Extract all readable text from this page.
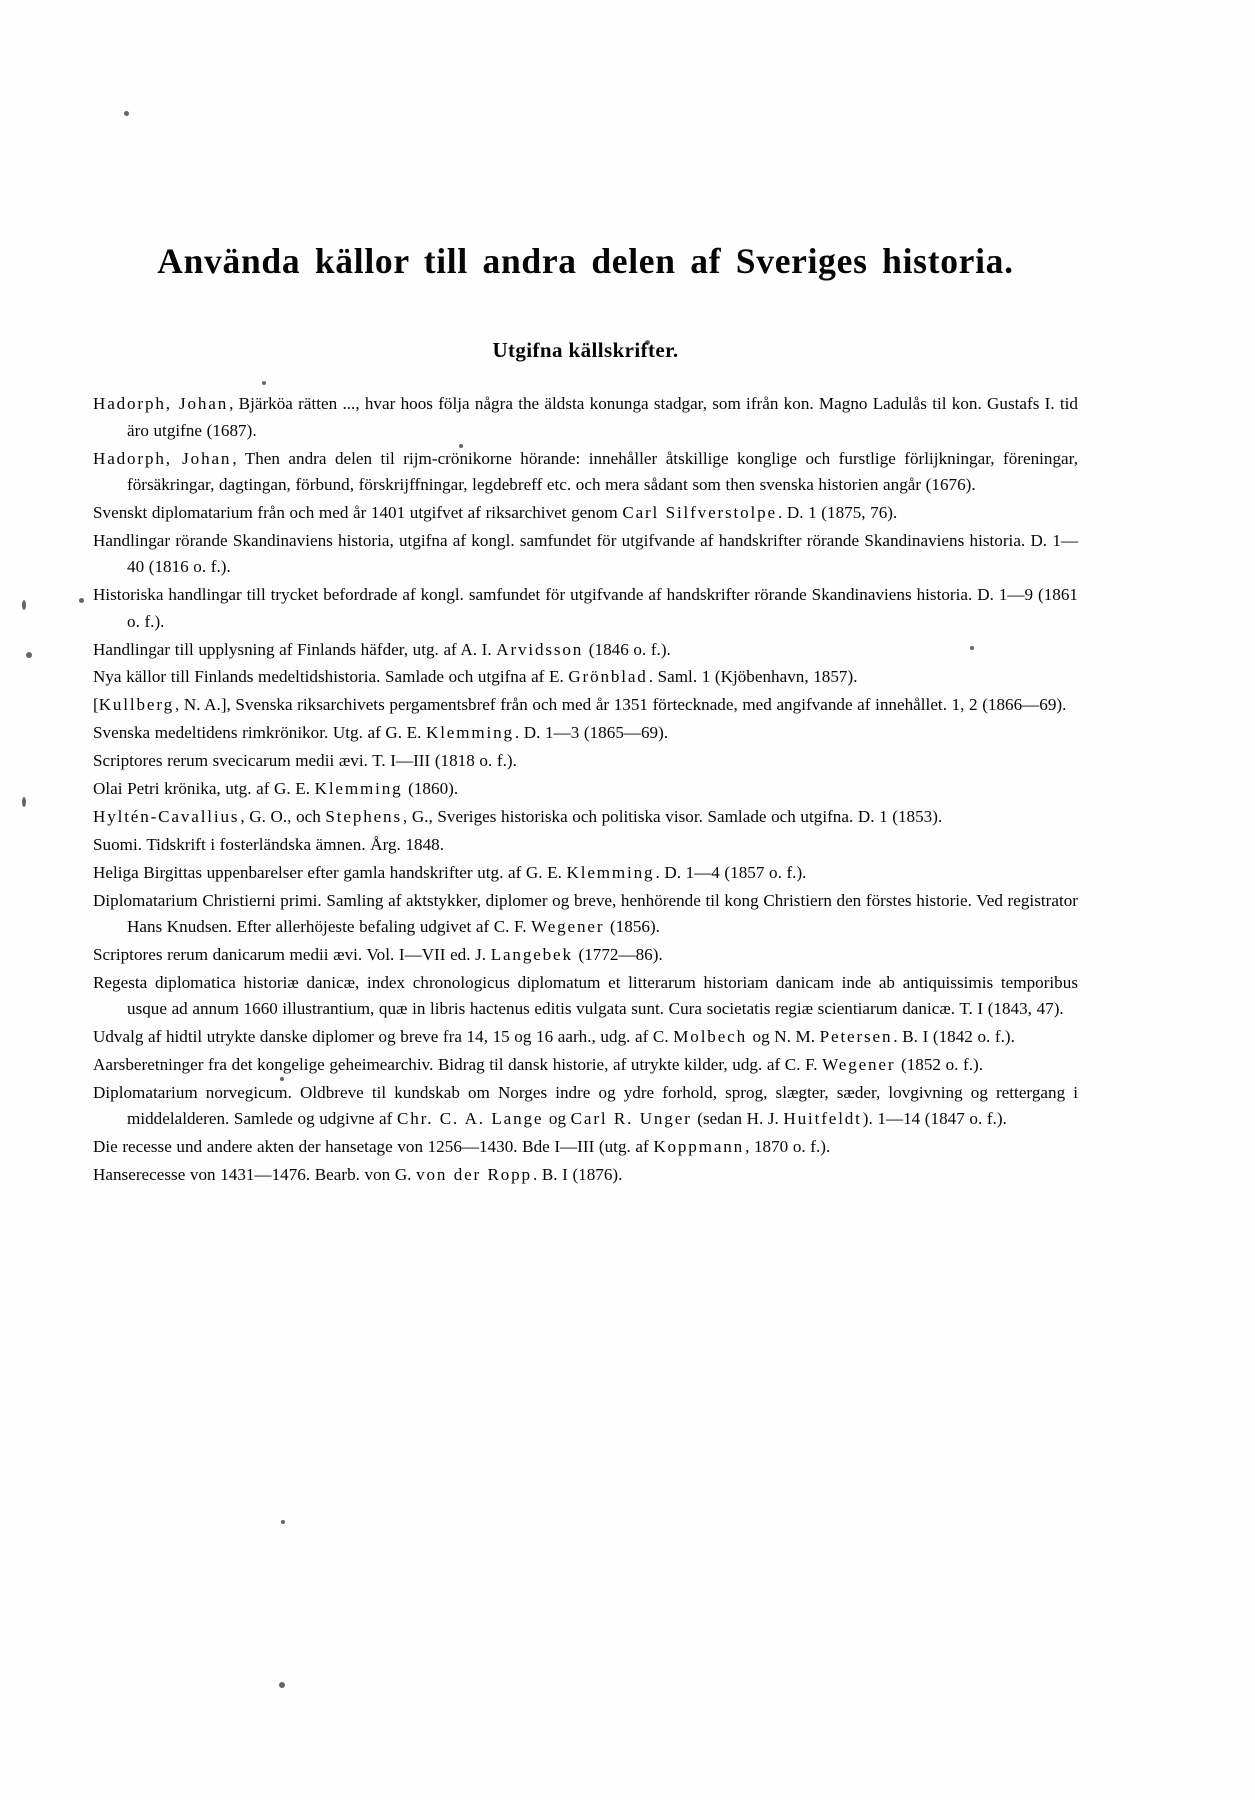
Använda källor till andra delen af Sveriges historia.
Utgifna källskrifter.
Hadorph, Johan, Bjärköa rätten ..., hvar hoos följa några the äldsta konunga stadgar, som ifrån kon. Magno Ladulås til kon. Gustafs I. tid äro utgifne (1687).
Hadorph, Johan, Then andra delen til rijm-crönikorne hörande: innehåller åtskillige konglige och furstlige förlijkningar, föreningar, försäkringar, dagtingan, förbund, förskrijffningar, legdebreff etc. och mera sådant som then svenska historien angår (1676).
Svenskt diplomatarium från och med år 1401 utgifvet af riksarchivet genom Carl Silfverstolpe. D. 1 (1875, 76).
Handlingar rörande Skandinaviens historia, utgifna af kongl. samfundet för utgifvande af handskrifter rörande Skandinaviens historia. D. 1—40 (1816 o. f.).
Historiska handlingar till trycket befordrade af kongl. samfundet för utgifvande af handskrifter rörande Skandinaviens historia. D. 1—9 (1861 o. f.).
Handlingar till upplysning af Finlands häfder, utg. af A. I. Arvidsson (1846 o. f.).
Nya källor till Finlands medeltidshistoria. Samlade och utgifna af E. Grönblad. Saml. 1 (Kjöbenhavn, 1857).
[Kullberg, N. A.], Svenska riksarchivets pergamentsbref från och med år 1351 förtecknade, med angifvande af innehållet. 1, 2 (1866—69).
Svenska medeltidens rimkrönikor. Utg. af G. E. Klemming. D. 1—3 (1865—69).
Scriptores rerum svecicarum medii ævi. T. I—III (1818 o. f.).
Olai Petri krönika, utg. af G. E. Klemming (1860).
Hyltén-Cavallius, G. O., och Stephens, G., Sveriges historiska och politiska visor. Samlade och utgifna. D. 1 (1853).
Suomi. Tidskrift i fosterländska ämnen. Årg. 1848.
Heliga Birgittas uppenbarelser efter gamla handskrifter utg. af G. E. Klemming. D. 1—4 (1857 o. f.).
Diplomatarium Christierni primi. Samling af aktstykker, diplomer og breve, henhörende til kong Christiern den förstes historie. Ved registrator Hans Knudsen. Efter allerhöjeste befaling udgivet af C. F. Wegener (1856).
Scriptores rerum danicarum medii ævi. Vol. I—VII ed. J. Langebek (1772—86).
Regesta diplomatica historiæ danicæ, index chronologicus diplomatum et litterarum historiam danicam inde ab antiquissimis temporibus usque ad annum 1660 illustrantium, quæ in libris hactenus editis vulgata sunt. Cura societatis regiæ scientiarum danicæ. T. I (1843, 47).
Udvalg af hidtil utrykte danske diplomer og breve fra 14, 15 og 16 aarh., udg. af C. Molbech og N. M. Petersen. B. I (1842 o. f.).
Aarsberetninger fra det kongelige geheimearchiv. Bidrag til dansk historie, af utrykte kilder, udg. af C. F. Wegener (1852 o. f.).
Diplomatarium norvegicum. Oldbreve til kundskab om Norges indre og ydre forhold, sprog, slægter, sæder, lovgivning og rettergang i middelalderen. Samlede og udgivne af Chr. C. A. Lange og Carl R. Unger (sedan H. J. Huitfeldt). 1—14 (1847 o. f.).
Die recesse und andere akten der hansetage von 1256—1430. Bde I—III (utg. af Koppmann, 1870 o. f.).
Hanserecesse von 1431—1476. Bearb. von G. von der Ropp. B. I (1876).
